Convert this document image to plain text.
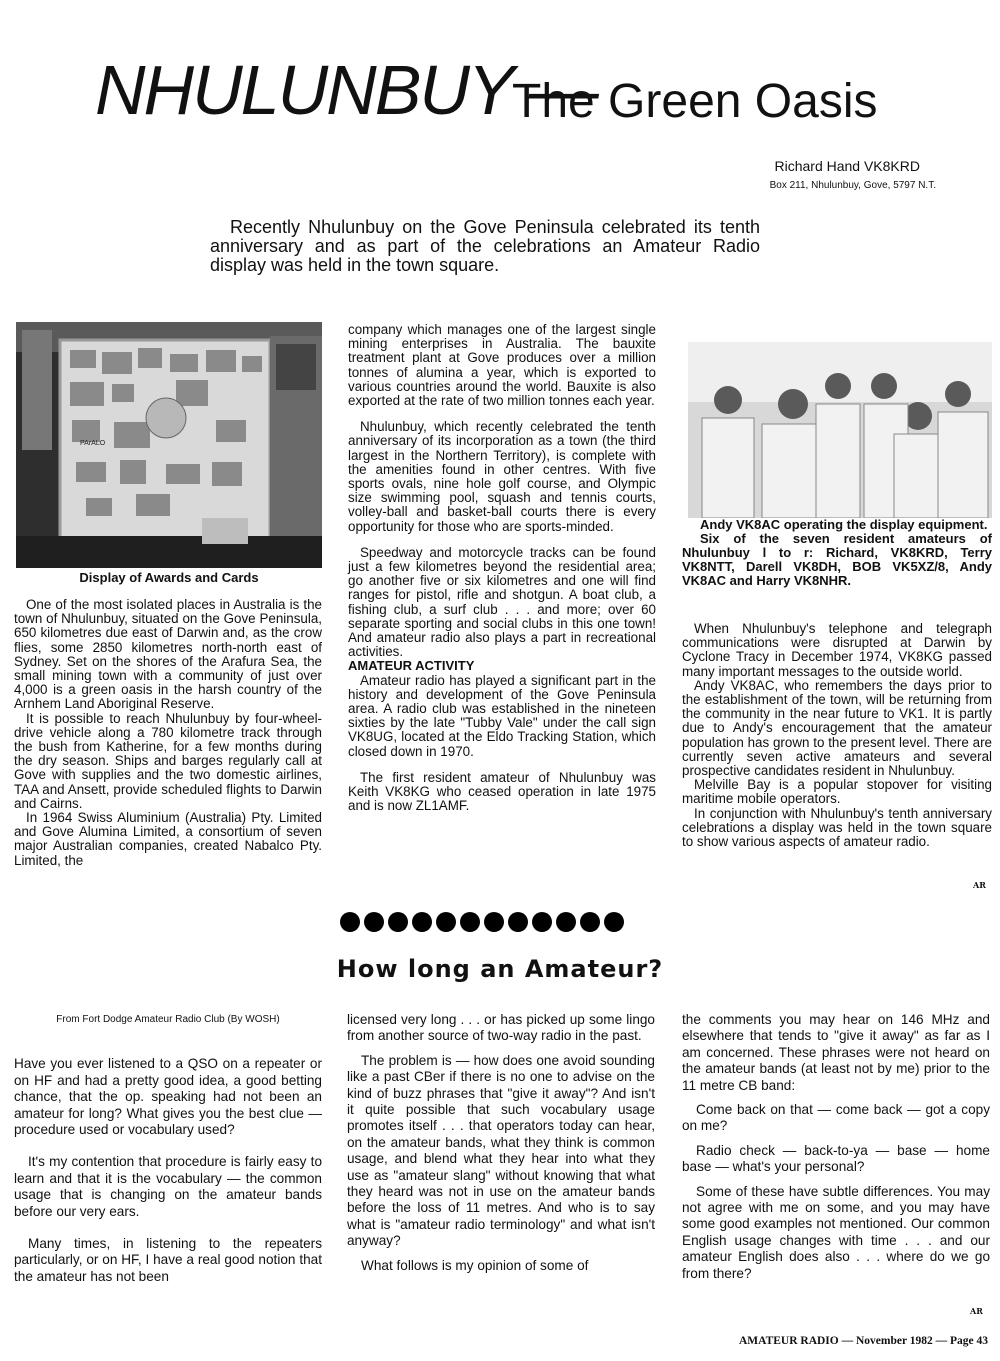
NHULUNBUY —
The Green Oasis
Richard Hand VK8KRD
Box 211, Nhulunbuy, Gove, 5797 N.T.
Recently Nhulunbuy on the Gove Peninsula celebrated its tenth anniversary and as part of the celebrations an Amateur Radio display was held in the town square.
PArALO
Display of Awards and Cards

One of the most isolated places in Australia is the town of Nhulunbuy, situated on the Gove Peninsula, 650 kilometres due east of Darwin and, as the crow flies, some 2850 kilometres north-north east of Sydney. Set on the shores of the Arafura Sea, the small mining town with a community of just over 4,000 is a green oasis in the harsh country of the Arnhem Land Aboriginal Reserve.

It is possible to reach Nhulunbuy by four-wheel-drive vehicle along a 780 kilometre track through the bush from Katherine, for a few months during the dry season. Ships and barges regularly call at Gove with supplies and the two domestic airlines, TAA and Ansett, provide scheduled flights to Darwin and Cairns.

In 1964 Swiss Aluminium (Australia) Pty. Limited and Gove Alumina Limited, a consortium of seven major Australian companies, created Nabalco Pty. Limited, the

company which manages one of the largest single mining enterprises in Australia. The bauxite treatment plant at Gove produces over a million tonnes of alumina a year, which is exported to various countries around the world. Bauxite is also exported at the rate of two million tonnes each year.

Nhulunbuy, which recently celebrated the tenth anniversary of its incorporation as a town (the third largest in the Northern Territory), is complete with the amenities found in other centres. With five sports ovals, nine hole golf course, and Olympic size swimming pool, squash and tennis courts, volley-ball and basket-ball courts there is every opportunity for those who are sports-minded.

Speedway and motorcycle tracks can be found just a few kilometres beyond the residential area; go another five or six kilometres and one will find ranges for pistol, rifle and shotgun. A boat club, a fishing club, a surf club . . . and more; over 60 separate sporting and social clubs in this one town! And amateur radio also plays a part in recreational activities.

AMATEUR ACTIVITY

Amateur radio has played a significant part in the history and development of the Gove Peninsula area. A radio club was established in the nineteen sixties by the late "Tubby Vale" under the call sign VK8UG, located at the Eldo Tracking Station, which closed down in 1970.

The first resident amateur of Nhulunbuy was Keith VK8KG who ceased operation in late 1975 and is now ZL1AMF.

Andy VK8AC operating the display equipment.
Six of the seven resident amateurs of Nhulunbuy l to r: Richard, VK8KRD, Terry VK8NTT, Darell VK8DH, BOB VK5XZ/8, Andy VK8AC and Harry VK8NHR.

When Nhulunbuy's telephone and telegraph communications were disrupted at Darwin by Cyclone Tracy in December 1974, VK8KG passed many important messages to the outside world.

Andy VK8AC, who remembers the days prior to the establishment of the town, will be returning from the community in the near future to VK1. It is partly due to Andy's encouragement that the amateur population has grown to the present level. There are currently seven active amateurs and several prospective candidates resident in Nhulunbuy.

Melville Bay is a popular stopover for visiting maritime mobile operators.

In conjunction with Nhulunbuy's tenth anniversary celebrations a display was held in the town square to show various aspects of amateur radio.

AR
How long an Amateur?
From Fort Dodge Amateur Radio Club (By WOSH)

Have you ever listened to a QSO on a repeater or on HF and had a pretty good idea, a good betting chance, that the op. speaking had not been an amateur for long? What gives you the best clue — procedure used or vocabulary used?

It's my contention that procedure is fairly easy to learn and that it is the vocabulary — the common usage that is changing on the amateur bands before our very ears.

Many times, in listening to the repeaters particularly, or on HF, I have a real good notion that the amateur has not been

licensed very long . . . or has picked up some lingo from another source of two-way radio in the past.

The problem is — how does one avoid sounding like a past CBer if there is no one to advise on the kind of buzz phrases that "give it away"? And isn't it quite possible that such vocabulary usage promotes itself . . . that operators today can hear, on the amateur bands, what they think is common usage, and blend what they hear into what they use as "amateur slang" without knowing that what they heard was not in use on the amateur bands before the loss of 11 metres. And who is to say what is "amateur radio terminology" and what isn't anyway?

What follows is my opinion of some of

the comments you may hear on 146 MHz and elsewhere that tends to "give it away" as far as I am concerned. These phrases were not heard on the amateur bands (at least not by me) prior to the 11 metre CB band:

Come back on that — come back — got a copy on me?

Radio check — back-to-ya — base — home base — what's your personal?

Some of these have subtle differences. You may not agree with me on some, and you may have some good examples not mentioned. Our common English usage changes with time . . . and our amateur English does also . . . where do we go from there?

AR
AMATEUR RADIO — November 1982 — Page 43
